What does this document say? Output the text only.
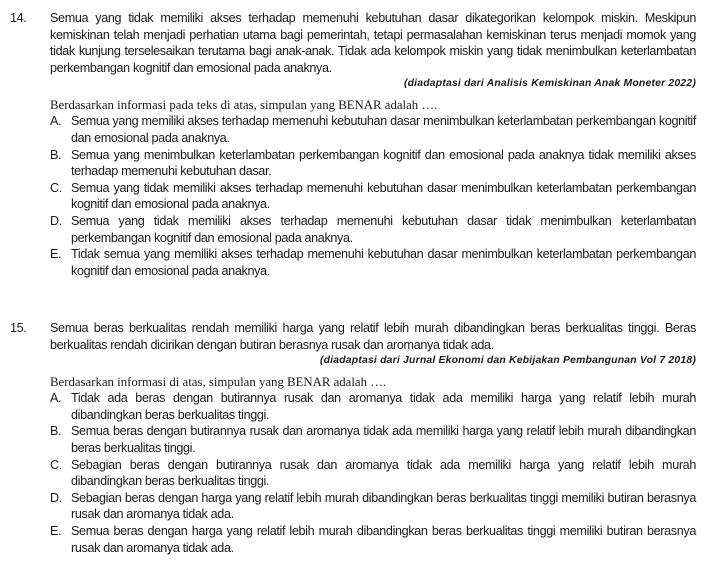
14.	Semua yang tidak memiliki akses terhadap memenuhi kebutuhan dasar dikategorikan kelompok miskin. Meskipun kemiskinan telah menjadi perhatian utama bagi pemerintah, tetapi permasalahan kemiskinan terus menjadi momok yang tidak kunjung terselesaikan terutama bagi anak-anak. Tidak ada kelompok miskin yang tidak menimbulkan keterlambatan perkembangan kognitif dan emosional pada anaknya.
(diadaptasi dari Analisis Kemiskinan Anak Moneter 2022)
Berdasarkan informasi pada teks di atas, simpulan yang BENAR adalah ….
A. Semua yang memiliki akses terhadap memenuhi kebutuhan dasar menimbulkan keterlambatan perkembangan kognitif dan emosional pada anaknya.
B. Semua yang menimbulkan keterlambatan perkembangan kognitif dan emosional pada anaknya tidak memiliki akses terhadap memenuhi kebutuhan dasar.
C. Semua yang tidak memiliki akses terhadap memenuhi kebutuhan dasar menimbulkan keterlambatan perkembangan kognitif dan emosional pada anaknya.
D. Semua yang tidak memiliki akses terhadap memenuhi kebutuhan dasar tidak menimbulkan keterlambatan perkembangan kognitif dan emosional pada anaknya.
E. Tidak semua yang memiliki akses terhadap memenuhi kebutuhan dasar menimbulkan keterlambatan perkembangan kognitif dan emosional pada anaknya.
15.	Semua beras berkualitas rendah memiliki harga yang relatif lebih murah dibandingkan beras berkualitas tinggi. Beras berkualitas rendah dicirikan dengan butiran berasnya rusak dan aromanya tidak ada.
(diadaptasi dari Jurnal Ekonomi dan Kebijakan Pembangunan Vol 7 2018)
Berdasarkan informasi di atas, simpulan yang BENAR adalah ….
A. Tidak ada beras dengan butirannya rusak dan aromanya tidak ada memiliki harga yang relatif lebih murah dibandingkan beras berkualitas tinggi.
B. Semua beras dengan butirannya rusak dan aromanya tidak ada memiliki harga yang relatif lebih murah dibandingkan beras berkualitas tinggi.
C. Sebagian beras dengan butirannya rusak dan aromanya tidak ada memiliki harga yang relatif lebih murah dibandingkan beras berkualitas tinggi.
D. Sebagian beras dengan harga yang relatif lebih murah dibandingkan beras berkualitas tinggi memiliki butiran berasnya rusak dan aromanya tidak ada.
E. Semua beras dengan harga yang relatif lebih murah dibandingkan beras berkualitas tinggi memiliki butiran berasnya rusak dan aromanya tidak ada.
